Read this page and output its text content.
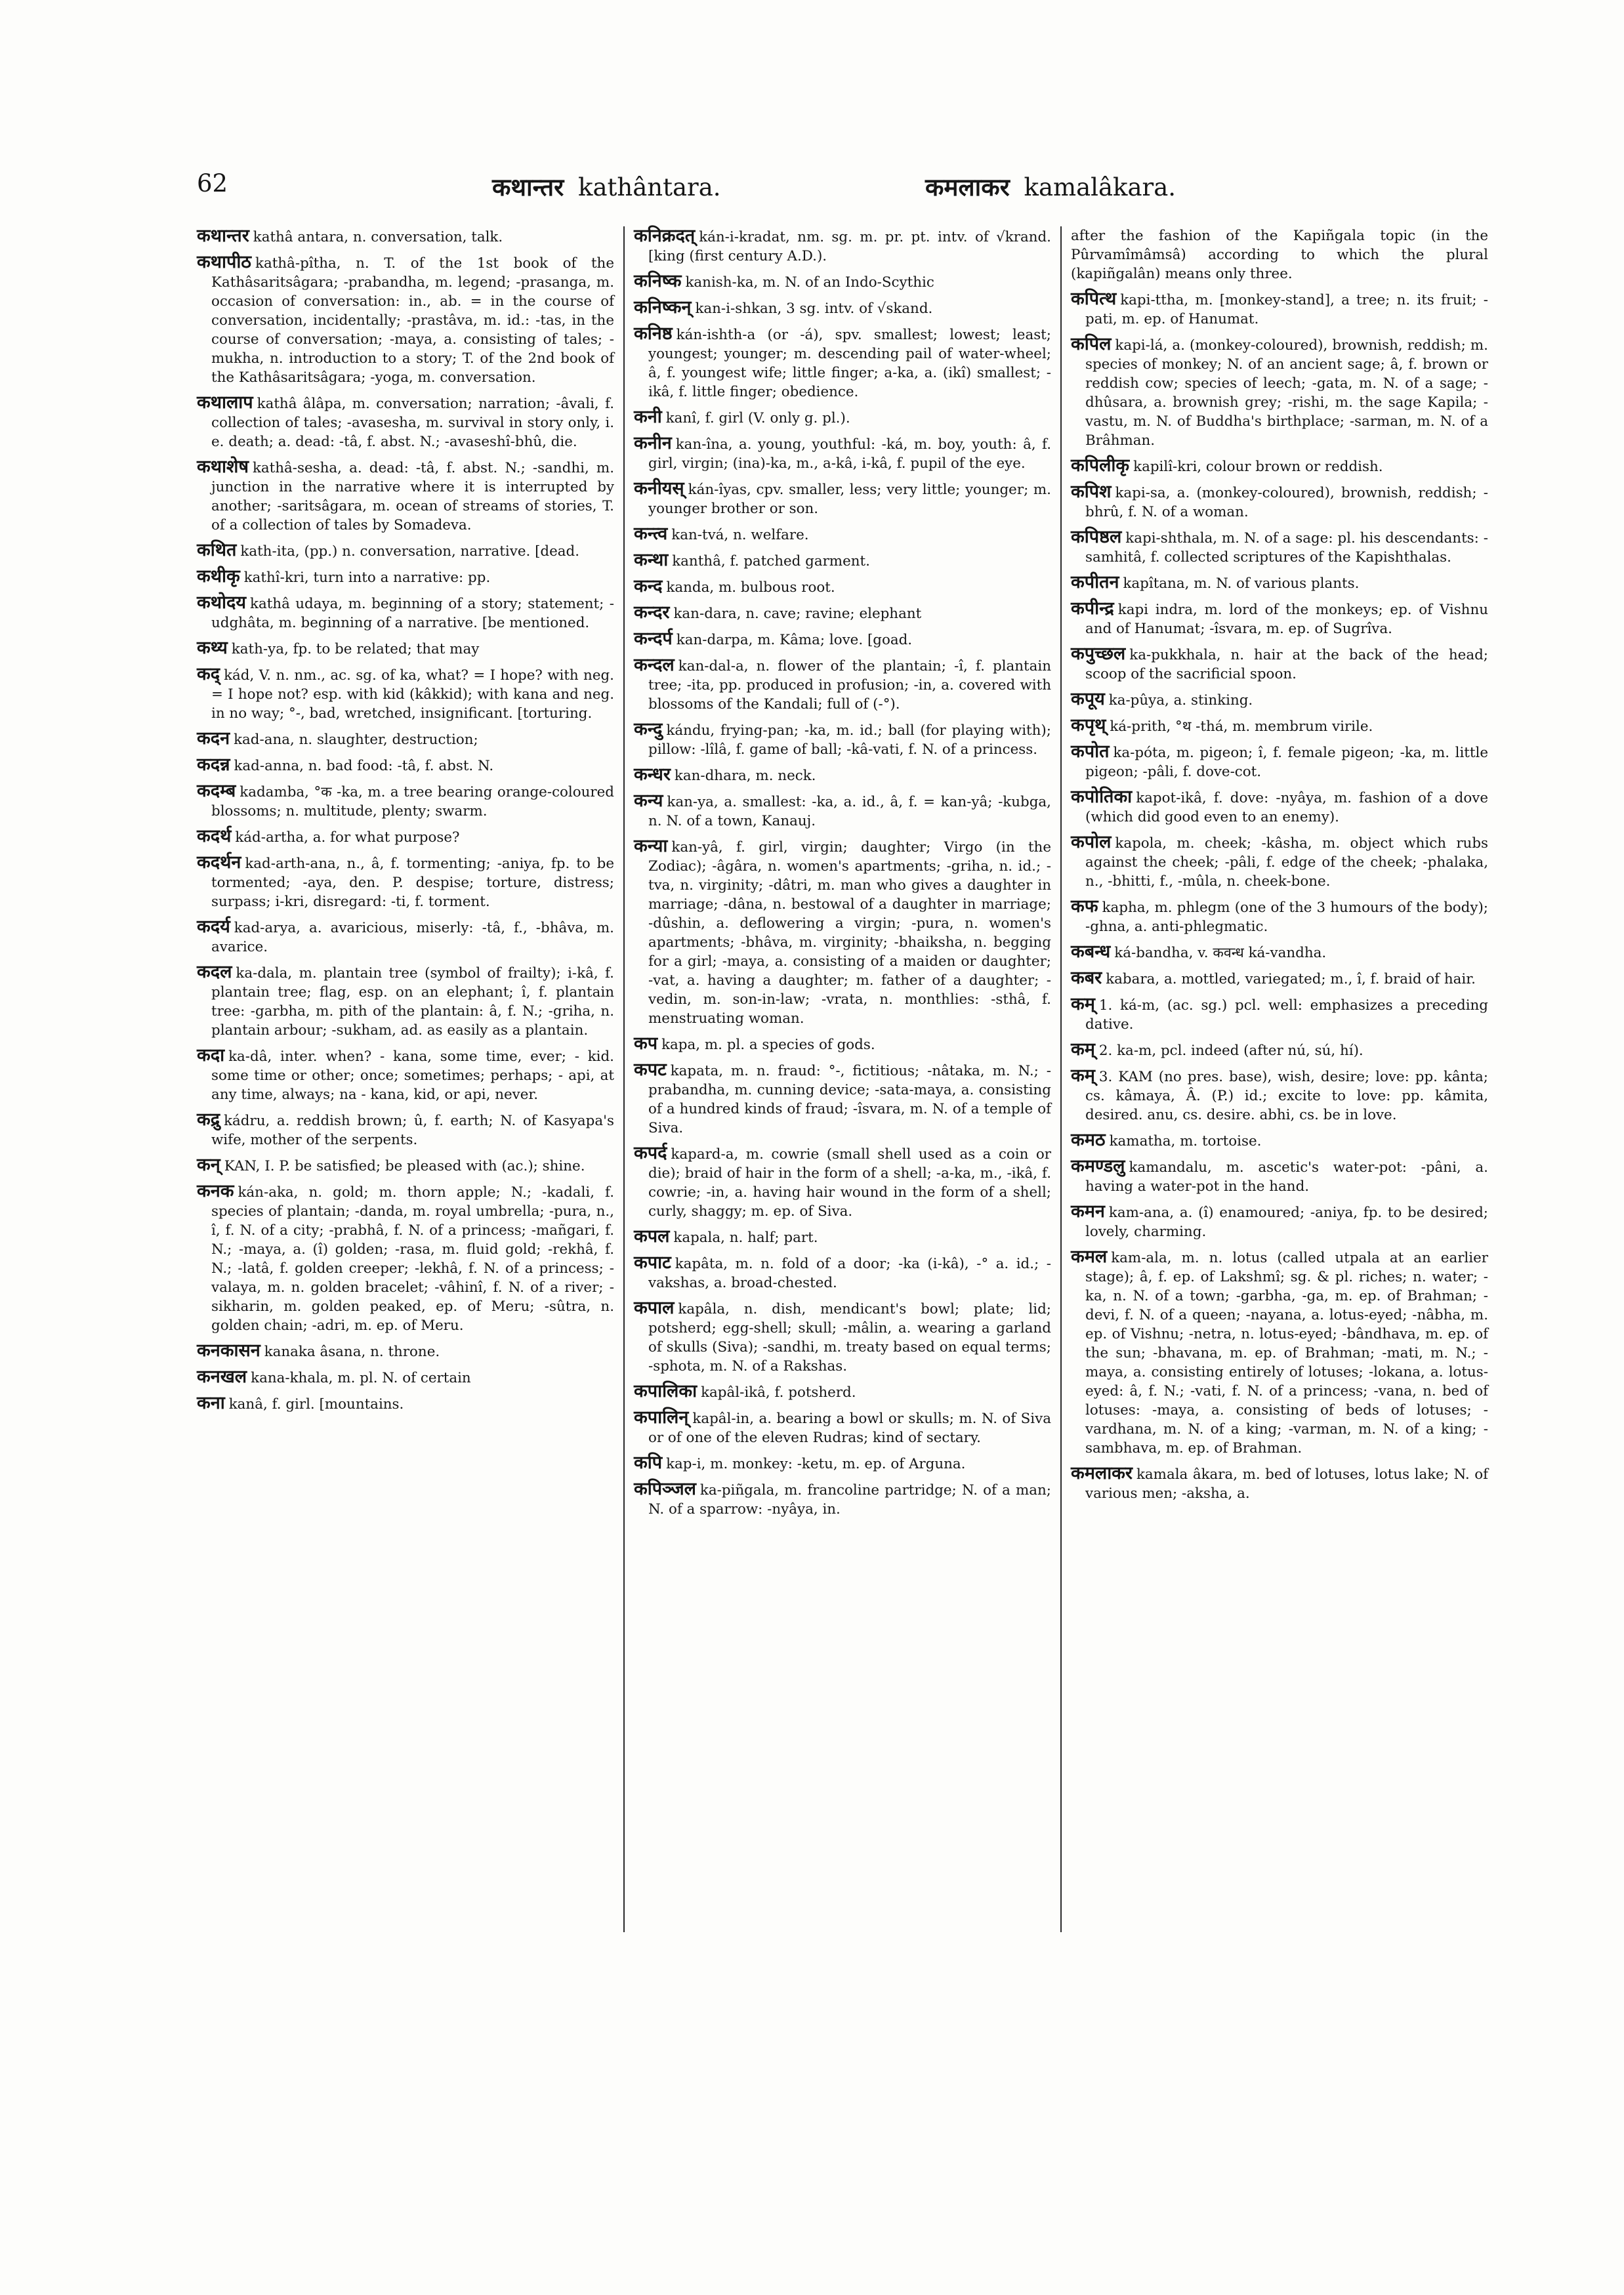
62	कथान्तर kathântara.	कमलाकर kamalâkara.

कथान्तर kathâ antara, n. conversation, talk.

कथापीठ kathâ-pîtha, n. T. of the 1st book of the Kathâsaritsâgara; -prabandha, m. legend; -prasanga, m. occasion of conversation: in., ab. = in the course of conversation, incidentally; -prastâva, m. id.: -tas, in the course of conversation; -maya, a. consisting of tales; -mukha, n. introduction to a story; T. of the 2nd book of the Kathâsaritsâgara; -yoga, m. conversation.

कथालाप kathâ âlâpa, m. conversation; narration; -âvali, f. collection of tales; -avasesha, m. survival in story only, i. e. death; a. dead: -tâ, f. abst. N.; -avaseshî-bhû, die.

कथाशेष kathâ-sesha, a. dead: -tâ, f. abst. N.; -sandhi, m. junction in the narrative where it is interrupted by another; -saritsâgara, m. ocean of streams of stories, T. of a collection of tales by Somadeva.

कथित kath-ita, (pp.) n. conversation, narrative. [dead.

कथीकृ kathî-kri, turn into a narrative: pp.

कथोदय kathâ udaya, m. beginning of a story; statement; -udghâta, m. beginning of a narrative. [be mentioned.

कथ्य kath-ya, fp. to be related; that may

कद् kád, V. n. nm., ac. sg. of ka, what? = I hope? with neg. = I hope not? esp. with kid (kâkkid); with kana and neg. in no way; °-, bad, wretched, insignificant. [torturing.

कदन kad-ana, n. slaughter, destruction;

कदन्न kad-anna, n. bad food: -tâ, f. abst. N.

कदम्ब kadamba, °क -ka, m. a tree bearing orange-coloured blossoms; n. multitude, plenty; swarm.

कदर्थ kád-artha, a. for what purpose?

कदर्थन kad-arth-ana, n., â, f. tormenting; -aniya, fp. to be tormented; -aya, den. P. despise; torture, distress; surpass; i-kri, disregard: -ti, f. torment.

कदर्य kad-arya, a. avaricious, miserly: -tâ, f., -bhâva, m. avarice.

कदल ka-dala, m. plantain tree (symbol of frailty); i-kâ, f. plantain tree; flag, esp. on an elephant; î, f. plantain tree: -garbha, m. pith of the plantain: â, f. N.; -griha, n. plantain arbour; -sukham, ad. as easily as a plantain.

कदा ka-dâ, inter. when? - kana, some time, ever; - kid. some time or other; once; sometimes; perhaps; - api, at any time, always; na - kana, kid, or api, never.

कद्रु kádru, a. reddish brown; û, f. earth; N. of Kasyapa's wife, mother of the serpents.

कन् KAN, I. P. be satisfied; be pleased with (ac.); shine.

कनक kán-aka, n. gold; m. thorn apple; N.; -kadali, f. species of plantain; -danda, m. royal umbrella; -pura, n., î, f. N. of a city; -prabhâ, f. N. of a princess; -mañgari, f. N.; -maya, a. (î) golden; -rasa, m. fluid gold; -rekhâ, f. N.; -latâ, f. golden creeper; -lekhâ, f. N. of a princess; -valaya, m. n. golden bracelet; -vâhinî, f. N. of a river; -sikharin, m. golden peaked, ep. of Meru; -sûtra, n. golden chain; -adri, m. ep. of Meru.

कनकासन kanaka âsana, n. throne.

कनखल kana-khala, m. pl. N. of certain

कना kanâ, f. girl. [mountains.

कनिक्रदत् kán-i-kradat, nm. sg. m. pr. pt. intv. of √krand. [king (first century A.D.).

कनिष्क kanish-ka, m. N. of an Indo-Scythic

कनिष्कन् kan-i-shkan, 3 sg. intv. of √skand.

कनिष्ठ kán-ishth-a (or -á), spv. smallest; lowest; least; youngest; younger; m. descending pail of water-wheel; â, f. youngest wife; little finger; a-ka, a. (ikî) smallest; -ikâ, f. little finger; obedience.

कनी kanî, f. girl (V. only g. pl.).

कनीन kan-îna, a. young, youthful: -ká, m. boy, youth: â, f. girl, virgin; (ina)-ka, m., a-kâ, i-kâ, f. pupil of the eye.

कनीयस् kán-îyas, cpv. smaller, less; very little; younger; m. younger brother or son.

कन्त्व kan-tvá, n. welfare.

कन्था kanthâ, f. patched garment.

कन्द kanda, m. bulbous root.

कन्दर kan-dara, n. cave; ravine; elephant

कन्दर्प kan-darpa, m. Kâma; love. [goad.

कन्दल kan-dal-a, n. flower of the plantain; -î, f. plantain tree; -ita, pp. produced in profusion; -in, a. covered with blossoms of the Kandali; full of (-°).

कन्दु kándu, frying-pan; -ka, m. id.; ball (for playing with); pillow: -lîlâ, f. game of ball; -kâ-vati, f. N. of a princess.

कन्धर kan-dhara, m. neck.

कन्य kan-ya, a. smallest: -ka, a. id., â, f. = kan-yâ; -kubga, n. N. of a town, Kanauj.

कन्या kan-yâ, f. girl, virgin; daughter; Virgo (in the Zodiac); -âgâra, n. women's apartments; -griha, n. id.; -tva, n. virginity; -dâtri, m. man who gives a daughter in marriage; -dâna, n. bestowal of a daughter in marriage; -dûshin, a. deflowering a virgin; -pura, n. women's apartments; -bhâva, m. virginity; -bhaiksha, n. begging for a girl; -maya, a. consisting of a maiden or daughter; -vat, a. having a daughter; m. father of a daughter; -vedin, m. son-in-law; -vrata, n. monthlies: -sthâ, f. menstruating woman.

कप kapa, m. pl. a species of gods.

कपट kapata, m. n. fraud: °-, fictitious; -nâtaka, m. N.; -prabandha, m. cunning device; -sata-maya, a. consisting of a hundred kinds of fraud; -îsvara, m. N. of a temple of Siva.

कपर्द kapard-a, m. cowrie (small shell used as a coin or die); braid of hair in the form of a shell; -a-ka, m., -ikâ, f. cowrie; -in, a. having hair wound in the form of a shell; curly, shaggy; m. ep. of Siva.

कपल kapala, n. half; part.

कपाट kapâta, m. n. fold of a door; -ka (i-kâ), -° a. id.; -vakshas, a. broad-chested.

कपाल kapâla, n. dish, mendicant's bowl; plate; lid; potsherd; egg-shell; skull; -mâlin, a. wearing a garland of skulls (Siva); -sandhi, m. treaty based on equal terms; -sphota, m. N. of a Rakshas.

कपालिका kapâl-ikâ, f. potsherd.

कपालिन् kapâl-in, a. bearing a bowl or skulls; m. N. of Siva or of one of the eleven Rudras; kind of sectary.

कपि kap-i, m. monkey: -ketu, m. ep. of Arguna.

कपिञ्जल ka-piñgala, m. francoline partridge; N. of a man; N. of a sparrow: -nyâya, in.

after the fashion of the Kapiñgala topic (in the Pûrvamîmâmsâ) according to which the plural (kapiñgalân) means only three.

कपित्थ kapi-ttha, m. [monkey-stand], a tree; n. its fruit; -pati, m. ep. of Hanumat.

कपिल kapi-lá, a. (monkey-coloured), brownish, reddish; m. species of monkey; N. of an ancient sage; â, f. brown or reddish cow; species of leech; -gata, m. N. of a sage; -dhûsara, a. brownish grey; -rishi, m. the sage Kapila; -vastu, m. N. of Buddha's birthplace; -sarman, m. N. of a Brâhman.

कपिलीकृ kapilî-kri, colour brown or reddish.

कपिश kapi-sa, a. (monkey-coloured), brownish, reddish; -bhrû, f. N. of a woman.

कपिष्ठल kapi-shthala, m. N. of a sage: pl. his descendants: -samhitâ, f. collected scriptures of the Kapishthalas.

कपीतन kapîtana, m. N. of various plants.

कपीन्द्र kapi indra, m. lord of the monkeys; ep. of Vishnu and of Hanumat; -îsvara, m. ep. of Sugrîva.

कपुच्छल ka-pukkhala, n. hair at the back of the head; scoop of the sacrificial spoon.

कपूय ka-pûya, a. stinking.

कपृथ् ká-prith, °थ -thá, m. membrum virile.

कपोत ka-póta, m. pigeon; î, f. female pigeon; -ka, m. little pigeon; -pâli, f. dove-cot.

कपोतिका kapot-ikâ, f. dove: -nyâya, m. fashion of a dove (which did good even to an enemy).

कपोल kapola, m. cheek; -kâsha, m. object which rubs against the cheek; -pâli, f. edge of the cheek; -phalaka, n., -bhitti, f., -mûla, n. cheek-bone.

कफ kapha, m. phlegm (one of the 3 humours of the body); -ghna, a. anti-phlegmatic.

कबन्ध ká-bandha, v. कवन्ध ká-vandha.

कबर kabara, a. mottled, variegated; m., î, f. braid of hair.

कम् 1. ká-m, (ac. sg.) pcl. well: emphasizes a preceding dative.

कम् 2. ka-m, pcl. indeed (after nú, sú, hí).

कम् 3. KAM (no pres. base), wish, desire; love: pp. kânta; cs. kâmaya, Â. (P.) id.; excite to love: pp. kâmita, desired. anu, cs. desire. abhi, cs. be in love.

कमठ kamatha, m. tortoise.

कमण्डलु kamandalu, m. ascetic's water-pot: -pâni, a. having a water-pot in the hand.

कमन kam-ana, a. (î) enamoured; -aniya, fp. to be desired; lovely, charming.

कमल kam-ala, m. n. lotus (called utpala at an earlier stage); â, f. ep. of Lakshmî; sg. & pl. riches; n. water; -ka, n. N. of a town; -garbha, -ga, m. ep. of Brahman; -devi, f. N. of a queen; -nayana, a. lotus-eyed; -nâbha, m. ep. of Vishnu; -netra, n. lotus-eyed; -bândhava, m. ep. of the sun; -bhavana, m. ep. of Brahman; -mati, m. N.; -maya, a. consisting entirely of lotuses; -lokana, a. lotus-eyed: â, f. N.; -vati, f. N. of a princess; -vana, n. bed of lotuses: -maya, a. consisting of beds of lotuses; -vardhana, m. N. of a king; -varman, m. N. of a king; -sambhava, m. ep. of Brahman.

कमलाकर kamala âkara, m. bed of lotuses, lotus lake; N. of various men; -aksha, a.
